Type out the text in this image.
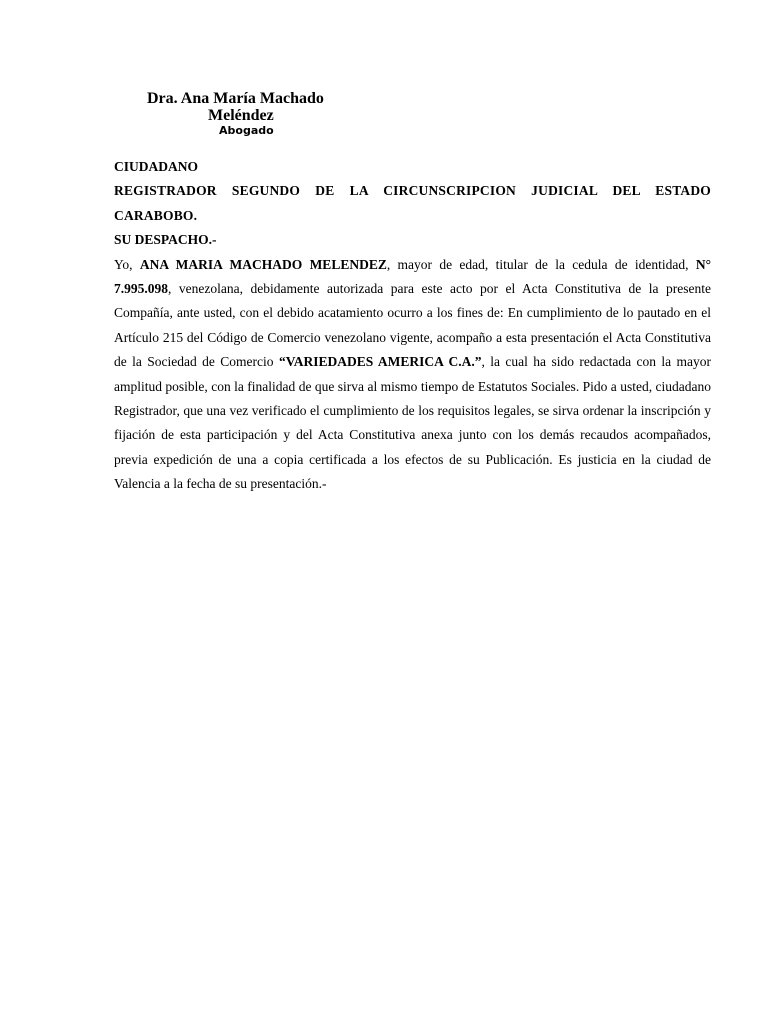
Dra. Ana María Machado
Meléndez
Abogado
CIUDADANO
REGISTRADOR SEGUNDO DE LA CIRCUNSCRIPCION JUDICIAL DEL ESTADO CARABOBO.
SU DESPACHO.-

Yo, ANA MARIA MACHADO MELENDEZ, mayor de edad, titular de la cedula de identidad, N° 7.995.098, venezolana, debidamente autorizada para este acto por el Acta Constitutiva de la presente Compañía, ante usted, con el debido acatamiento ocurro a los fines de: En cumplimiento de lo pautado en el Artículo 215 del Código de Comercio venezolano vigente, acompaño a esta presentación el Acta Constitutiva de la Sociedad de Comercio “VARIEDADES AMERICA C.A.”, la cual ha sido redactada con la mayor amplitud posible, con la finalidad de que sirva al mismo tiempo de Estatutos Sociales. Pido a usted, ciudadano Registrador, que una vez verificado el cumplimiento de los requisitos legales, se sirva ordenar la inscripción y fijación de esta participación y del Acta Constitutiva anexa junto con los demás recaudos acompañados, previa expedición de una a copia certificada a los efectos de su Publicación. Es justicia en la ciudad de Valencia a la fecha de su presentación.-
